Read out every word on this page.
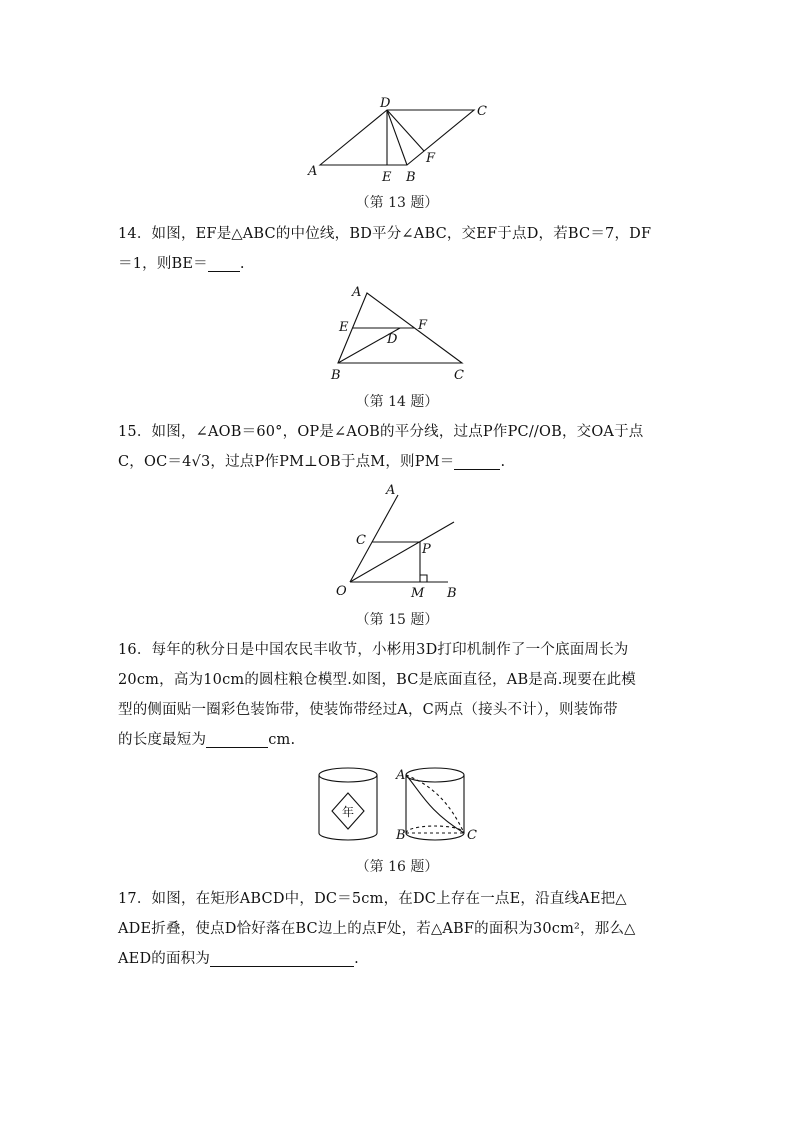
A
D
C
E B
F
（第 13 题）
14．如图，EF是△ABC的中位线，BD平分∠ABC，交EF于点D，若BC＝7，DF
＝1，则BE＝ .
A
E	F
D
B	C
（第 14 题）
15．如图，∠AOB＝60°，OP是∠AOB的平分线，过点P作PC//OB，交OA于点
C，OC＝4√3，过点P作PM⊥OB于点M，则PM＝	.
A
C
P
O	M B
（第 15 题）
16．每年的秋分日是中国农民丰收节，小彬用3D打印机制作了一个底面周长为
20cm，高为10cm的圆柱粮仓模型.如图，BC是底面直径，AB是高.现要在此模
型的侧面贴一圈彩色装饰带，使装饰带经过A，C两点（接头不计），则装饰带
的长度最短为	cm.
年
A
B	C
（第 16 题）
17．如图，在矩形ABCD中，DC＝5cm，在DC上存在一点E，沿直线AE把△
ADE折叠，使点D恰好落在BC边上的点F处，若△ABF的面积为30cm²，那么△
AED的面积为	.
